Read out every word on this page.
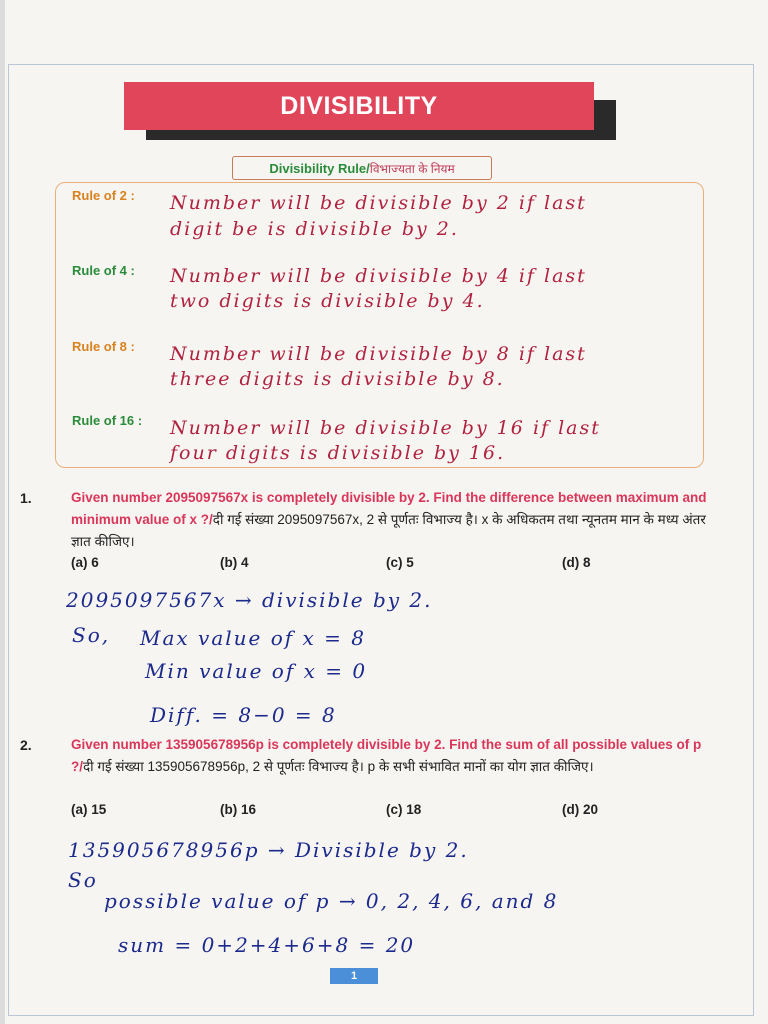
DIVISIBILITY
Divisibility Rule/ विभाज्यता के नियम
Rule of 2 : Number will be divisible by 2 if last
digit be is divisible by 2.
Rule of 4 : Number will be divisible by 4 if last
two digits is divisible by 4.
Rule of 8 : Number will be divisible by 8 if last
three digits is divisible by 8.
Rule of 16 : Number will be divisible by 16 if last
four digits is divisible by 16.
1.	Given number 2095097567x is completely divisible by 2. Find the difference between maximum and minimum value of x ?/दी गई संख्या 2095097567x, 2 से पूर्णतः विभाज्य है। x के अधिकतम तथा न्यूनतम मान के मध्य अंतर ज्ञात कीजिए।
(a) 6	(b) 4	(c) 5	(d) 8
2095097567x → divisible by 2.
So, Max value of x = 8
Min value of x = 0
Diff. = 8−0 = 8
2.	Given number 135905678956p is completely divisible by 2. Find the sum of all possible values of p ?/दी गई संख्या 135905678956p, 2 से पूर्णतः विभाज्य है। p के सभी संभावित मानों का योग ज्ञात कीजिए।
(a) 15	(b) 16	(c) 18	(d) 20
135905678956p → Divisible by 2.
So
possible value of p → 0, 2, 4, 6, and 8
sum = 0+2+4+6+8 = 20
1
